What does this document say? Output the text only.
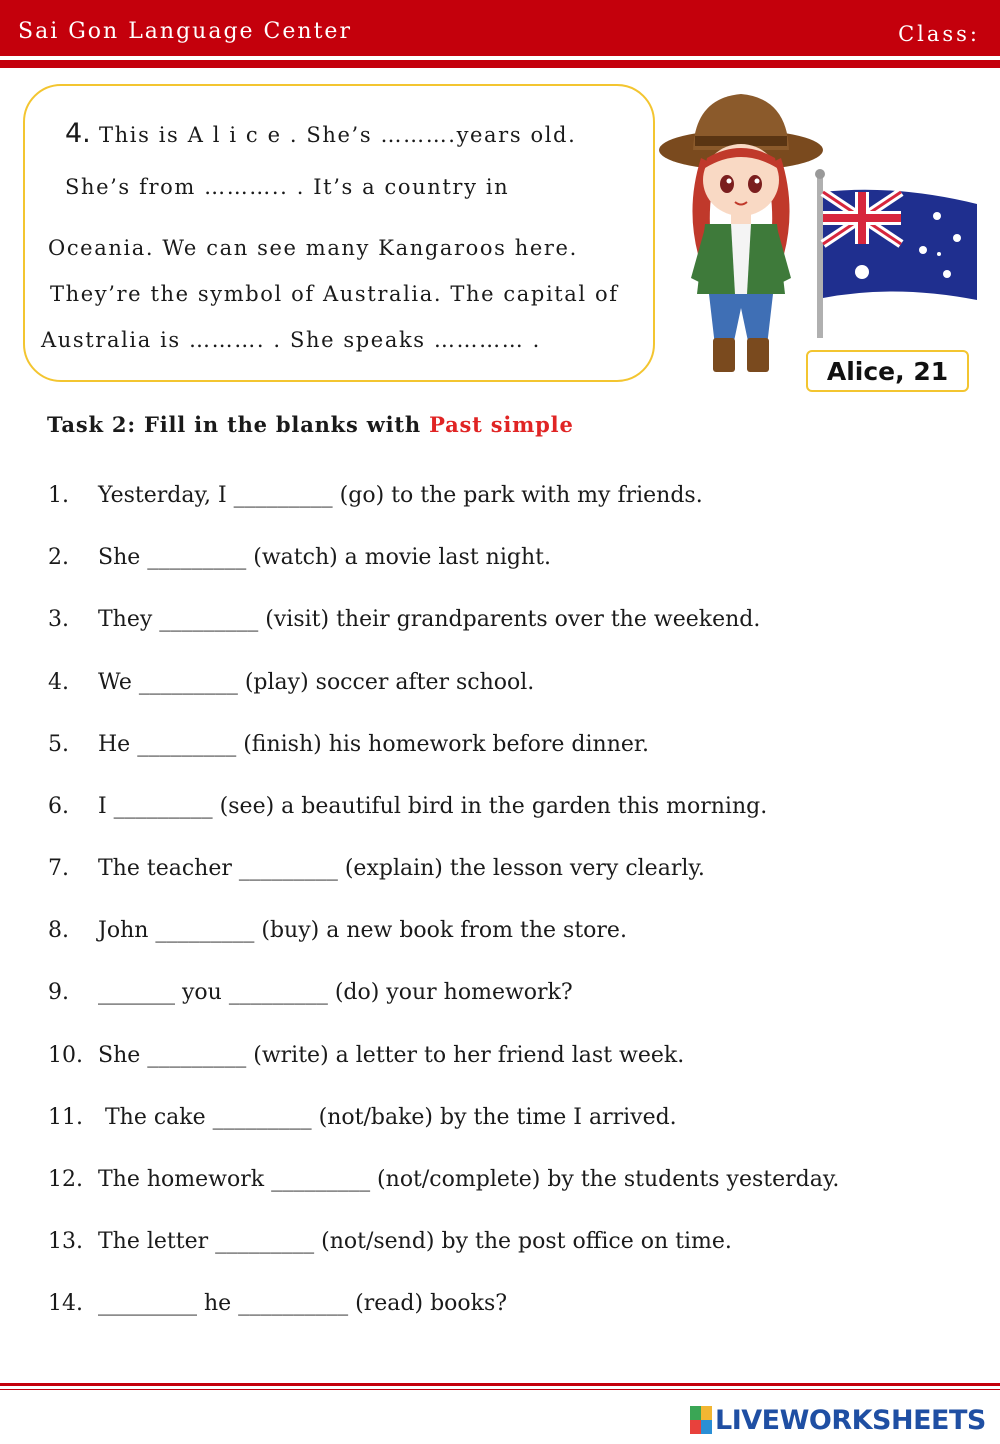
Sai Gon Language Center	Class:
4. This is A l i c e . She’s ……….years old.
She’s from ……….. . It’s a country in
Oceania. We can see many Kangaroos here.
They’re the symbol of Australia. The capital of
Australia is ………. . She speaks ………… .
Alice, 21
Task 2: Fill in the blanks with Past simple
1. Yesterday, I _________ (go) to the park with my friends.
2. She _________ (watch) a movie last night.
3. They _________ (visit) their grandparents over the weekend.
4. We _________ (play) soccer after school.
5. He _________ (finish) his homework before dinner.
6. I _________ (see) a beautiful bird in the garden this morning.
7. The teacher _________ (explain) the lesson very clearly.
8. John _________ (buy) a new book from the store.
9. _______ you _________ (do) your homework?
10. She _________ (write) a letter to her friend last week.
11. The cake _________ (not/bake) by the time I arrived.
12. The homework _________ (not/complete) by the students yesterday.
13. The letter _________ (not/send) by the post office on time.
14. _________ he __________ (read) books?
LIVEWORKSHEETS
